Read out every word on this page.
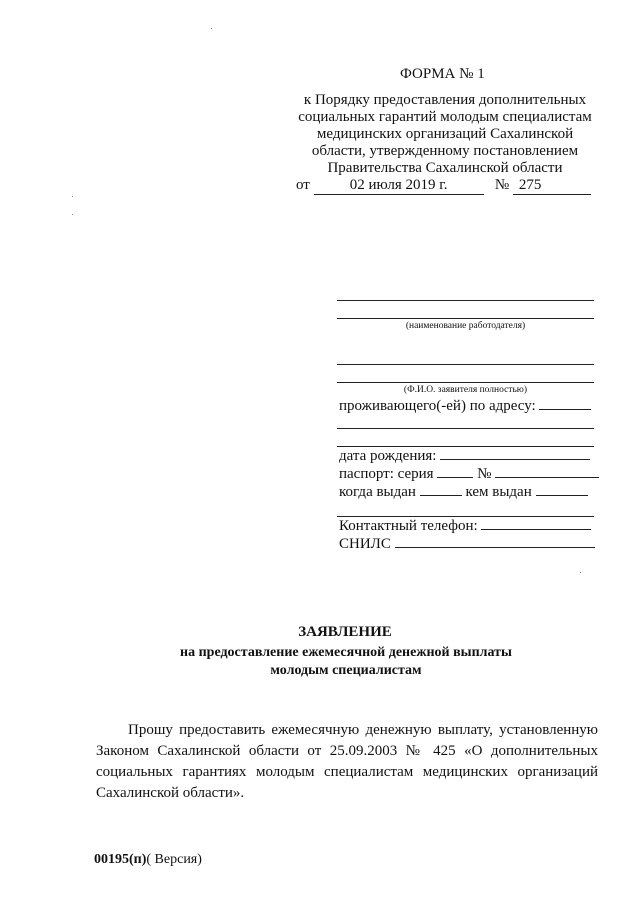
ФОРМА № 1
к Порядку предоставления дополнительных
социальных гарантий молодым специалистам
медицинских организаций Сахалинской
области, утвержденному постановлением
Правительства Сахалинской области
от	02 июля 2019 г.	№ 275
(наименование работодателя)
(Ф.И.О. заявителя полностью)
проживающего(-ей) по адресу:
дата рождения:
паспорт: серия	№
когда выдан	кем выдан
Контактный телефон:
СНИЛС
ЗАЯВЛЕНИЕ
на предоставление ежемесячной денежной выплаты
молодым специалистам
Прошу предоставить ежемесячную денежную выплату, установленную
Законом Сахалинской области от 25.09.2003 № 425 «О дополнительных
социальных гарантиях молодым специалистам медицинских организаций
Сахалинской области».
00195(п)( Версия)
